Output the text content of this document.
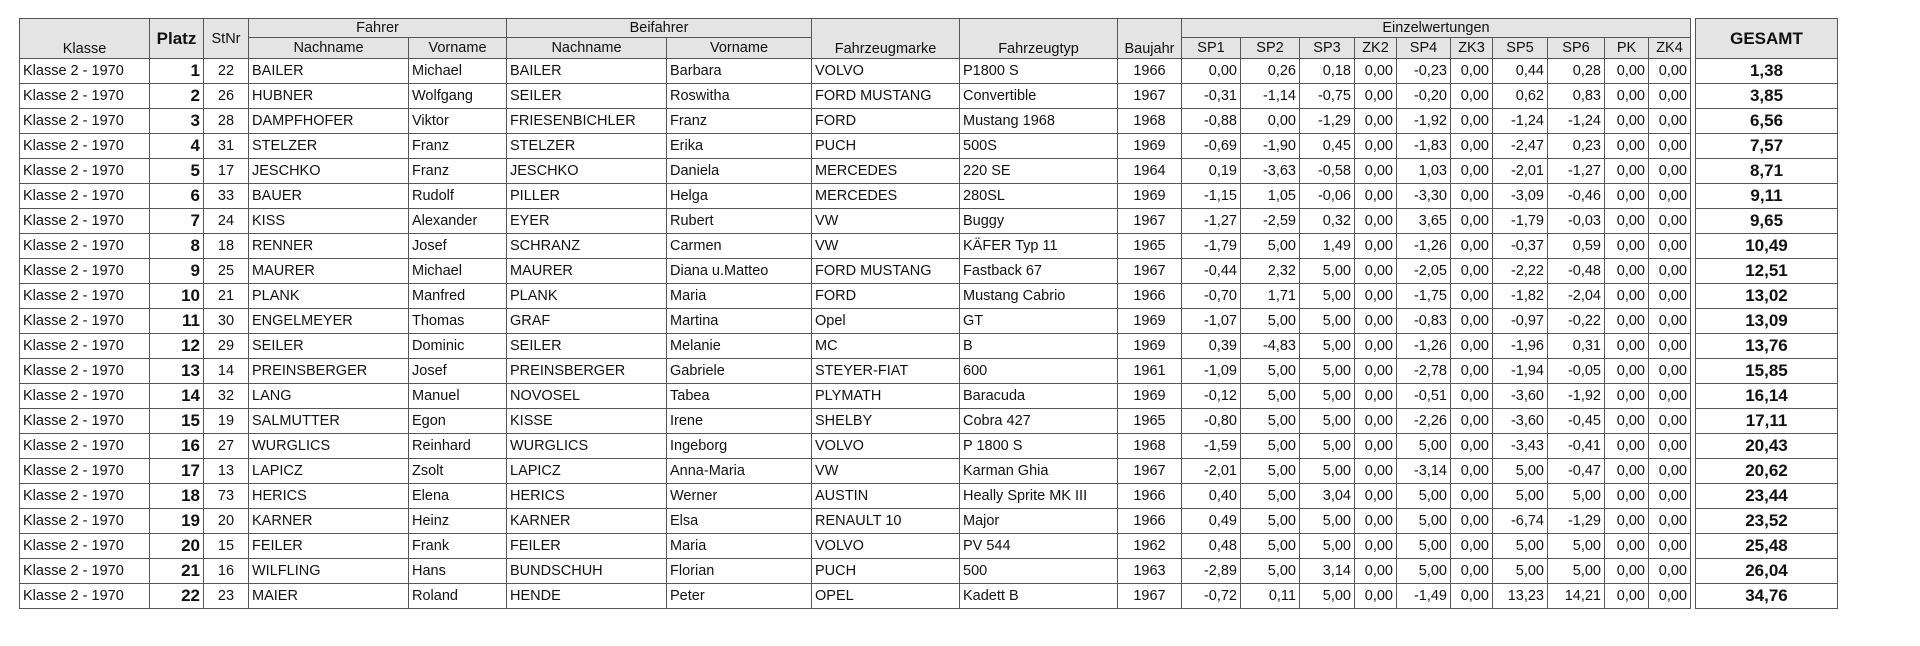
Klasse	Platz	StNr	Fahrer		Beifahrer		Fahrzeugmarke	Fahrzeugtyp	Baujahr	Einzelwertungen											GESAMT
			Nachname	Vorname	Nachname	Vorname				SP1	SP2	SP3	ZK2	SP4	ZK3	SP5	SP6	PK	ZK4		
Klasse 2 - 1970	1	22	BAILER	Michael	BAILER	Barbara	VOLVO	P1800 S	1966	0,00	0,26	0,18	0,00	-0,23	0,00	0,44	0,28	0,00	0,00		1,38
Klasse 2 - 1970	2	26	HUBNER	Wolfgang	SEILER	Roswitha	FORD MUSTANG	Convertible	1967	-0,31	-1,14	-0,75	0,00	-0,20	0,00	0,62	0,83	0,00	0,00		3,85
Klasse 2 - 1970	3	28	DAMPFHOFER	Viktor	FRIESENBICHLER	Franz	FORD	Mustang 1968	1968	-0,88	0,00	-1,29	0,00	-1,92	0,00	-1,24	-1,24	0,00	0,00		6,56
Klasse 2 - 1970	4	31	STELZER	Franz	STELZER	Erika	PUCH	500S	1969	-0,69	-1,90	0,45	0,00	-1,83	0,00	-2,47	0,23	0,00	0,00		7,57
Klasse 2 - 1970	5	17	JESCHKO	Franz	JESCHKO	Daniela	MERCEDES	220 SE	1964	0,19	-3,63	-0,58	0,00	1,03	0,00	-2,01	-1,27	0,00	0,00		8,71
Klasse 2 - 1970	6	33	BAUER	Rudolf	PILLER	Helga	MERCEDES	280SL	1969	-1,15	1,05	-0,06	0,00	-3,30	0,00	-3,09	-0,46	0,00	0,00		9,11
Klasse 2 - 1970	7	24	KISS	Alexander	EYER	Rubert	VW	Buggy	1967	-1,27	-2,59	0,32	0,00	3,65	0,00	-1,79	-0,03	0,00	0,00		9,65
Klasse 2 - 1970	8	18	RENNER	Josef	SCHRANZ	Carmen	VW	KÄFER Typ 11	1965	-1,79	5,00	1,49	0,00	-1,26	0,00	-0,37	0,59	0,00	0,00		10,49
Klasse 2 - 1970	9	25	MAURER	Michael	MAURER	Diana u.Matteo	FORD MUSTANG	Fastback 67	1967	-0,44	2,32	5,00	0,00	-2,05	0,00	-2,22	-0,48	0,00	0,00		12,51
Klasse 2 - 1970	10	21	PLANK	Manfred	PLANK	Maria	FORD	Mustang Cabrio	1966	-0,70	1,71	5,00	0,00	-1,75	0,00	-1,82	-2,04	0,00	0,00		13,02
Klasse 2 - 1970	11	30	ENGELMEYER	Thomas	GRAF	Martina	Opel	GT	1969	-1,07	5,00	5,00	0,00	-0,83	0,00	-0,97	-0,22	0,00	0,00		13,09
Klasse 2 - 1970	12	29	SEILER	Dominic	SEILER	Melanie	MC	B	1969	0,39	-4,83	5,00	0,00	-1,26	0,00	-1,96	0,31	0,00	0,00		13,76
Klasse 2 - 1970	13	14	PREINSBERGER	Josef	PREINSBERGER	Gabriele	STEYER-FIAT	600	1961	-1,09	5,00	5,00	0,00	-2,78	0,00	-1,94	-0,05	0,00	0,00		15,85
Klasse 2 - 1970	14	32	LANG	Manuel	NOVOSEL	Tabea	PLYMATH	Baracuda	1969	-0,12	5,00	5,00	0,00	-0,51	0,00	-3,60	-1,92	0,00	0,00		16,14
Klasse 2 - 1970	15	19	SALMUTTER	Egon	KISSE	Irene	SHELBY	Cobra 427	1965	-0,80	5,00	5,00	0,00	-2,26	0,00	-3,60	-0,45	0,00	0,00		17,11
Klasse 2 - 1970	16	27	WURGLICS	Reinhard	WURGLICS	Ingeborg	VOLVO	P 1800 S	1968	-1,59	5,00	5,00	0,00	5,00	0,00	-3,43	-0,41	0,00	0,00		20,43
Klasse 2 - 1970	17	13	LAPICZ	Zsolt	LAPICZ	Anna-Maria	VW	Karman Ghia	1967	-2,01	5,00	5,00	0,00	-3,14	0,00	5,00	-0,47	0,00	0,00		20,62
Klasse 2 - 1970	18	73	HERICS	Elena	HERICS	Werner	AUSTIN	Heally Sprite MK III	1966	0,40	5,00	3,04	0,00	5,00	0,00	5,00	5,00	0,00	0,00		23,44
Klasse 2 - 1970	19	20	KARNER	Heinz	KARNER	Elsa	RENAULT 10	Major	1966	0,49	5,00	5,00	0,00	5,00	0,00	-6,74	-1,29	0,00	0,00		23,52
Klasse 2 - 1970	20	15	FEILER	Frank	FEILER	Maria	VOLVO	PV 544	1962	0,48	5,00	5,00	0,00	5,00	0,00	5,00	5,00	0,00	0,00		25,48
Klasse 2 - 1970	21	16	WILFLING	Hans	BUNDSCHUH	Florian	PUCH	500	1963	-2,89	5,00	3,14	0,00	5,00	0,00	5,00	5,00	0,00	0,00		26,04
Klasse 2 - 1970	22	23	MAIER	Roland	HENDE	Peter	OPEL	Kadett B	1967	-0,72	0,11	5,00	0,00	-1,49	0,00	13,23	14,21	0,00	0,00		34,76
